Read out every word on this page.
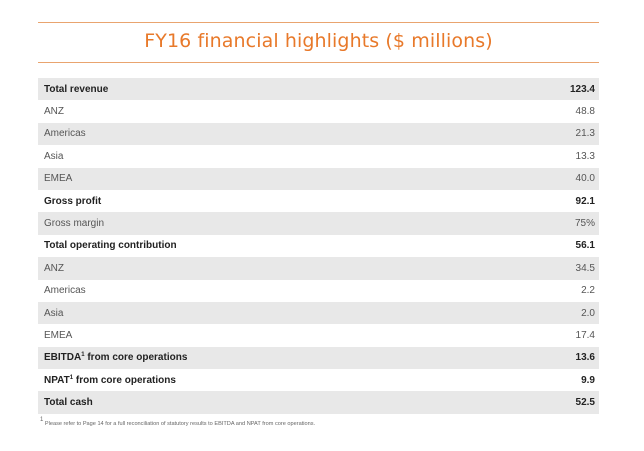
FY16 financial highlights ($ millions)
Total revenue	123.4
ANZ	48.8
Americas	21.3
Asia	13.3
EMEA	40.0
Gross profit	92.1
Gross margin	75%
Total operating contribution	56.1
ANZ	34.5
Americas	2.2
Asia	2.0
EMEA	17.4
EBITDA$^1$ from core operations	13.6
NPAT$^1$ from core operations	9.9
Total cash	52.5
$^1$ Please refer to Page 14 for a full reconciliation of statutory results to EBITDA and NPAT from core operations.
